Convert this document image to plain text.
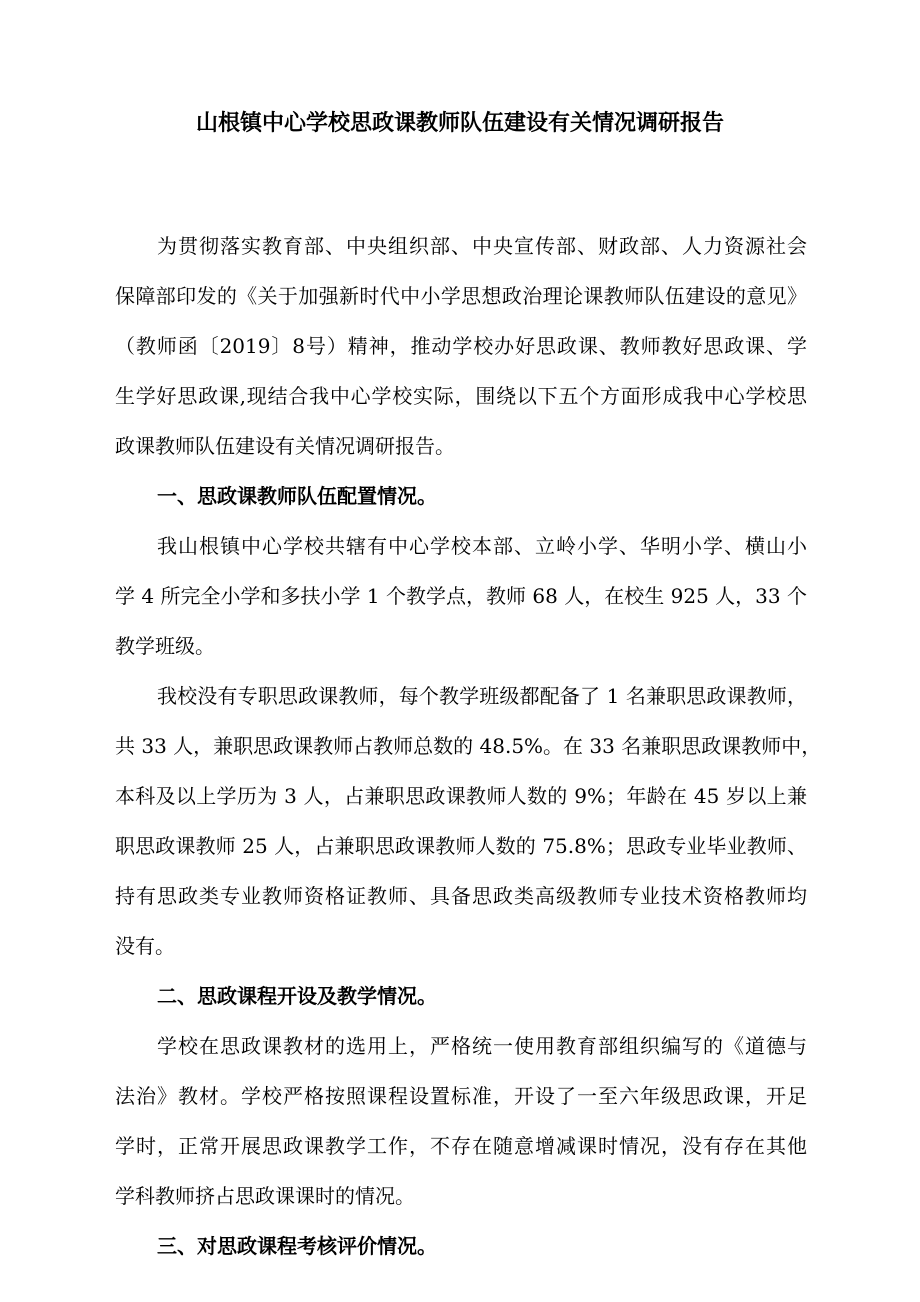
山根镇中心学校思政课教师队伍建设有关情况调研报告
为贯彻落实教育部、中央组织部、中央宣传部、财政部、人力资源社会
保障部印发的《关于加强新时代中小学思想政治理论课教师队伍建设的意见》
（教师函〔2019〕8号）精神，推动学校办好思政课、教师教好思政课、学
生学好思政课,现结合我中心学校实际，围绕以下五个方面形成我中心学校思
政课教师队伍建设有关情况调研报告。
一、思政课教师队伍配置情况。
我山根镇中心学校共辖有中心学校本部、立岭小学、华明小学、横山小
学 4 所完全小学和多扶小学 1 个教学点，教师 68 人，在校生 925 人，33 个
教学班级。
我校没有专职思政课教师，每个教学班级都配备了 1 名兼职思政课教师，
共 33 人，兼职思政课教师占教师总数的 48.5%。在 33 名兼职思政课教师中，
本科及以上学历为 3 人，占兼职思政课教师人数的 9%；年龄在 45 岁以上兼
职思政课教师 25 人，占兼职思政课教师人数的 75.8%；思政专业毕业教师、
持有思政类专业教师资格证教师、具备思政类高级教师专业技术资格教师均
没有。
二、思政课程开设及教学情况。
学校在思政课教材的选用上，严格统一使用教育部组织编写的《道德与
法治》教材。学校严格按照课程设置标准，开设了一至六年级思政课，开足
学时，正常开展思政课教学工作，不存在随意增减课时情况，没有存在其他
学科教师挤占思政课课时的情况。
三、对思政课程考核评价情况。
